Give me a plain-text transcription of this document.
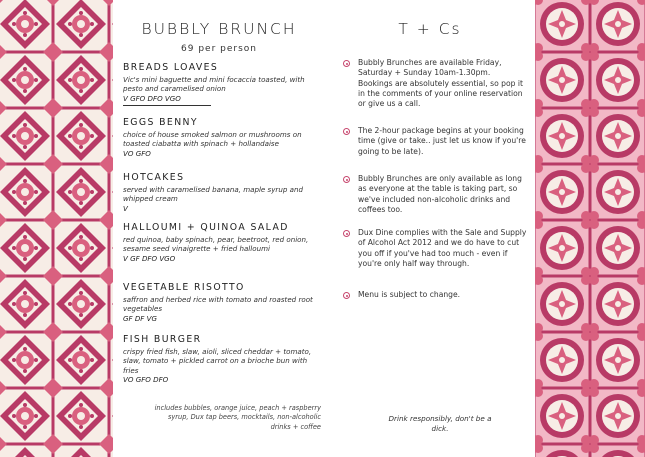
BUBBLY BRUNCH
69 per person
BREADS LOAVES
Vic's mini baguette and mini focaccia toasted, with pesto and caramelised onion
V GFO DFO VGO
EGGS BENNY
choice of house smoked salmon or mushrooms on toasted ciabatta with spinach + hollandaise
VO GFO
HOTCAKES
served with caramelised banana, maple syrup and whipped cream
V
HALLOUMI + QUINOA SALAD
red quinoa, baby spinach, pear, beetroot, red onion, sesame seed vinaigrette + fried halloumi
V GF DFO VGO
VEGETABLE RISOTTO
saffron and herbed rice with tomato and roasted root vegetables
GF DF VG
FISH BURGER
crispy fried fish, slaw, aioli, sliced cheddar + tomato, slaw, tomato + pickled carrot on a brioche bun with fries
VO GFO DFO
includes bubbles, orange juice, peach + raspberry syrup, Dux tap beers, mocktails, non-alcoholic drinks + coffee
T + Cs
Bubbly Brunches are available Friday, Saturday + Sunday 10am-1.30pm. Bookings are absolutely essential, so pop it in the comments of your online reservation or give us a call.
The 2-hour package begins at your booking time (give or take.. just let us know if you're going to be late).
Bubbly Brunches are only available as long as everyone at the table is taking part, so we've included non-alcoholic drinks and coffees too.
Dux Dine complies with the Sale and Supply of Alcohol Act 2012 and we do have to cut you off if you've had too much - even if you're only half way through.
Menu is subject to change.
Drink responsibly, don't be a dick.
